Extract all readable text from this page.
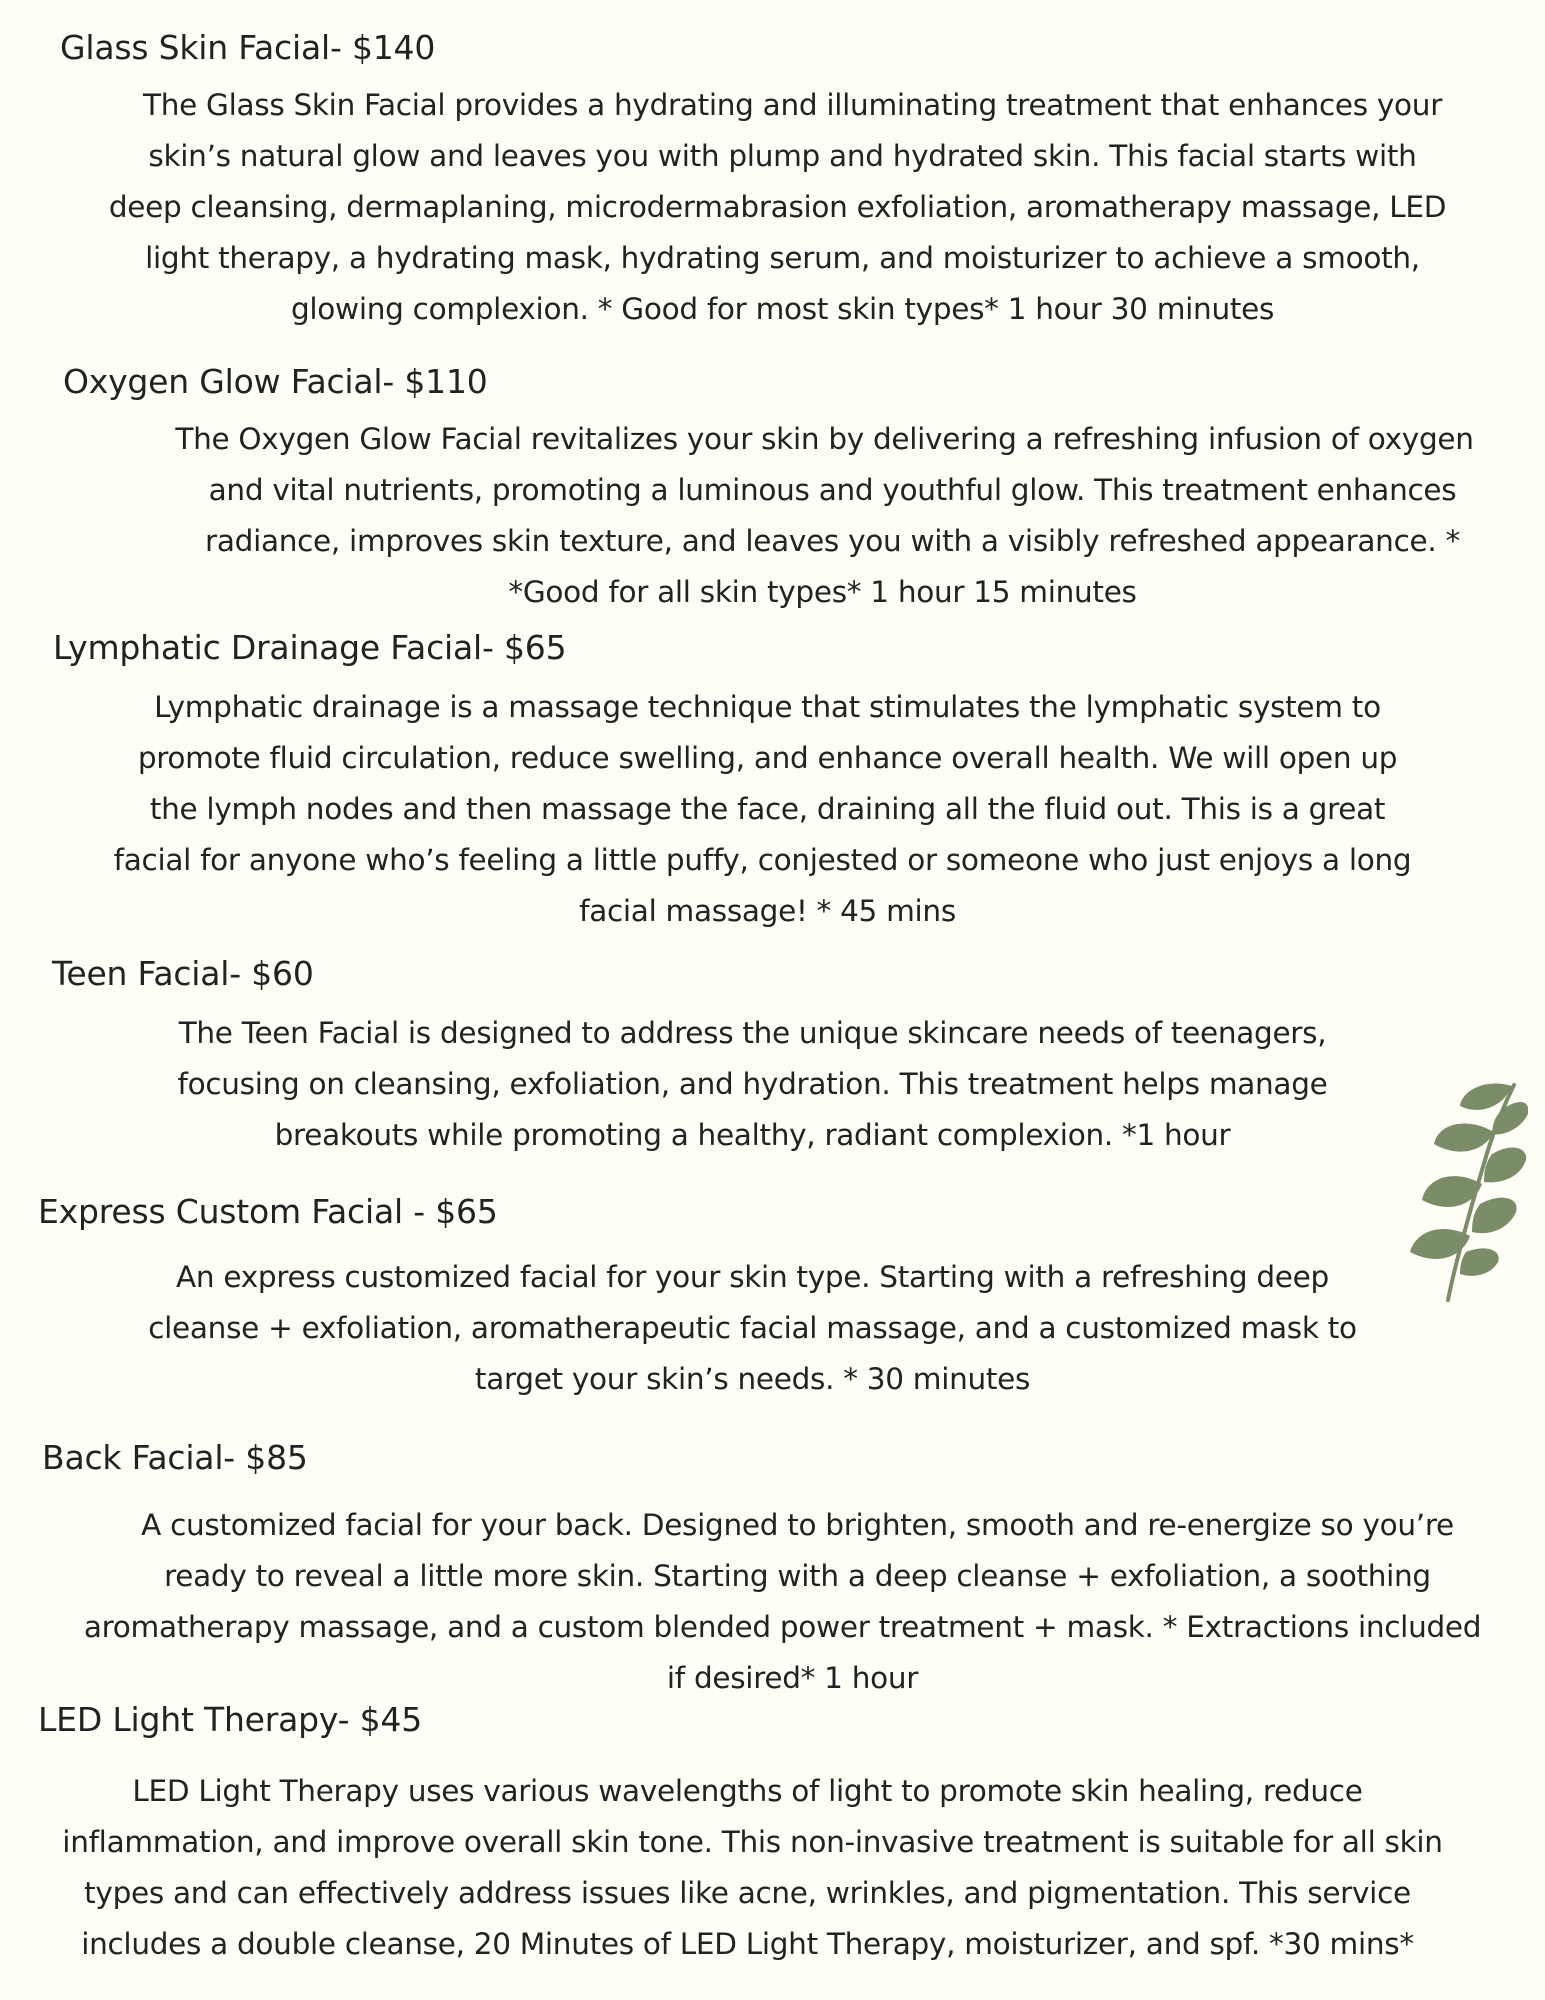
Glass Skin Facial- $140
The Glass Skin Facial provides a hydrating and illuminating treatment that enhances your
skin’s natural glow and leaves you with plump and hydrated skin. This facial starts with
deep cleansing, dermaplaning, microdermabrasion exfoliation, aromatherapy massage, LED
light therapy, a hydrating mask, hydrating serum, and moisturizer to achieve a smooth,
glowing complexion. * Good for most skin types* 1 hour 30 minutes
Oxygen Glow Facial- $110
The Oxygen Glow Facial revitalizes your skin by delivering a refreshing infusion of oxygen
and vital nutrients, promoting a luminous and youthful glow. This treatment enhances
radiance, improves skin texture, and leaves you with a visibly refreshed appearance. *
*Good for all skin types* 1 hour 15 minutes
Lymphatic Drainage Facial- $65
Lymphatic drainage is a massage technique that stimulates the lymphatic system to
promote fluid circulation, reduce swelling, and enhance overall health. We will open up
the lymph nodes and then massage the face, draining all the fluid out. This is a great
facial for anyone who’s feeling a little puffy, conjested or someone who just enjoys a long
facial massage! * 45 mins
Teen Facial- $60
The Teen Facial is designed to address the unique skincare needs of teenagers,
focusing on cleansing, exfoliation, and hydration. This treatment helps manage
breakouts while promoting a healthy, radiant complexion. *1 hour
Express Custom Facial - $65
An express customized facial for your skin type. Starting with a refreshing deep
cleanse + exfoliation, aromatherapeutic facial massage, and a customized mask to
target your skin’s needs. * 30 minutes
Back Facial- $85
A customized facial for your back. Designed to brighten, smooth and re-energize so you’re
ready to reveal a little more skin. Starting with a deep cleanse + exfoliation, a soothing
aromatherapy massage, and a custom blended power treatment + mask. * Extractions included
if desired* 1 hour
LED Light Therapy- $45
LED Light Therapy uses various wavelengths of light to promote skin healing, reduce
inflammation, and improve overall skin tone. This non-invasive treatment is suitable for all skin
types and can effectively address issues like acne, wrinkles, and pigmentation. This service
includes a double cleanse, 20 Minutes of LED Light Therapy, moisturizer, and spf. *30 mins*
